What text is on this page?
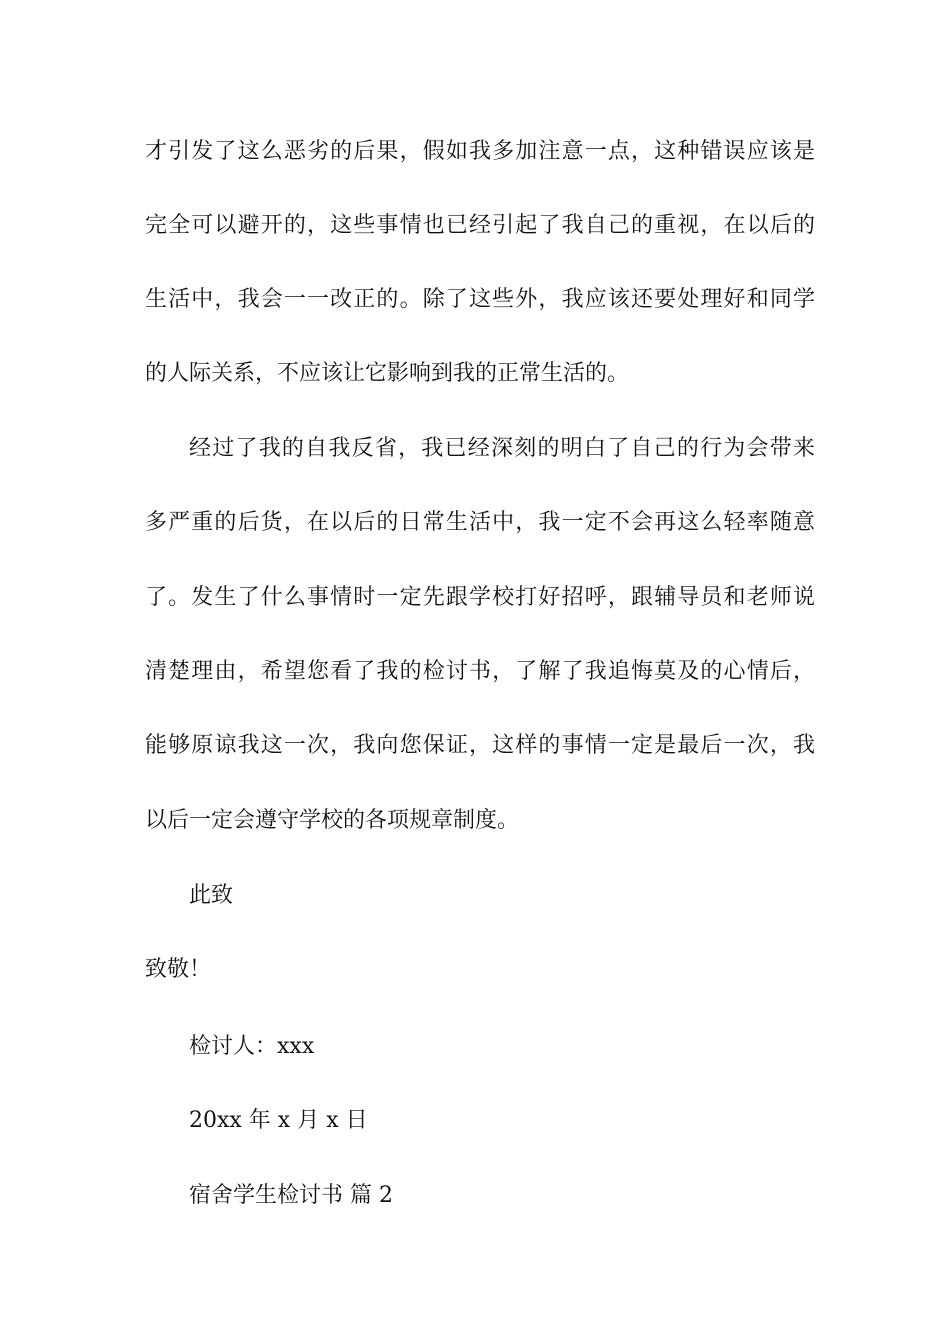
才引发了这么恶劣的后果，假如我多加注意一点，这种错误应该是
完全可以避开的，这些事情也已经引起了我自己的重视，在以后的
生活中，我会一一改正的。除了这些外，我应该还要处理好和同学
的人际关系，不应该让它影响到我的正常生活的。
经过了我的自我反省，我已经深刻的明白了自己的行为会带来
多严重的后货，在以后的日常生活中，我一定不会再这么轻率随意
了。发生了什么事情时一定先跟学校打好招呼，跟辅导员和老师说
清楚理由，希望您看了我的检讨书，了解了我追悔莫及的心情后，
能够原谅我这一次，我向您保证，这样的事情一定是最后一次，我
以后一定会遵守学校的各项规章制度。
此致
致敬！
检讨人：xxx
20xx 年 x 月 x 日
宿舍学生检讨书 篇 2
